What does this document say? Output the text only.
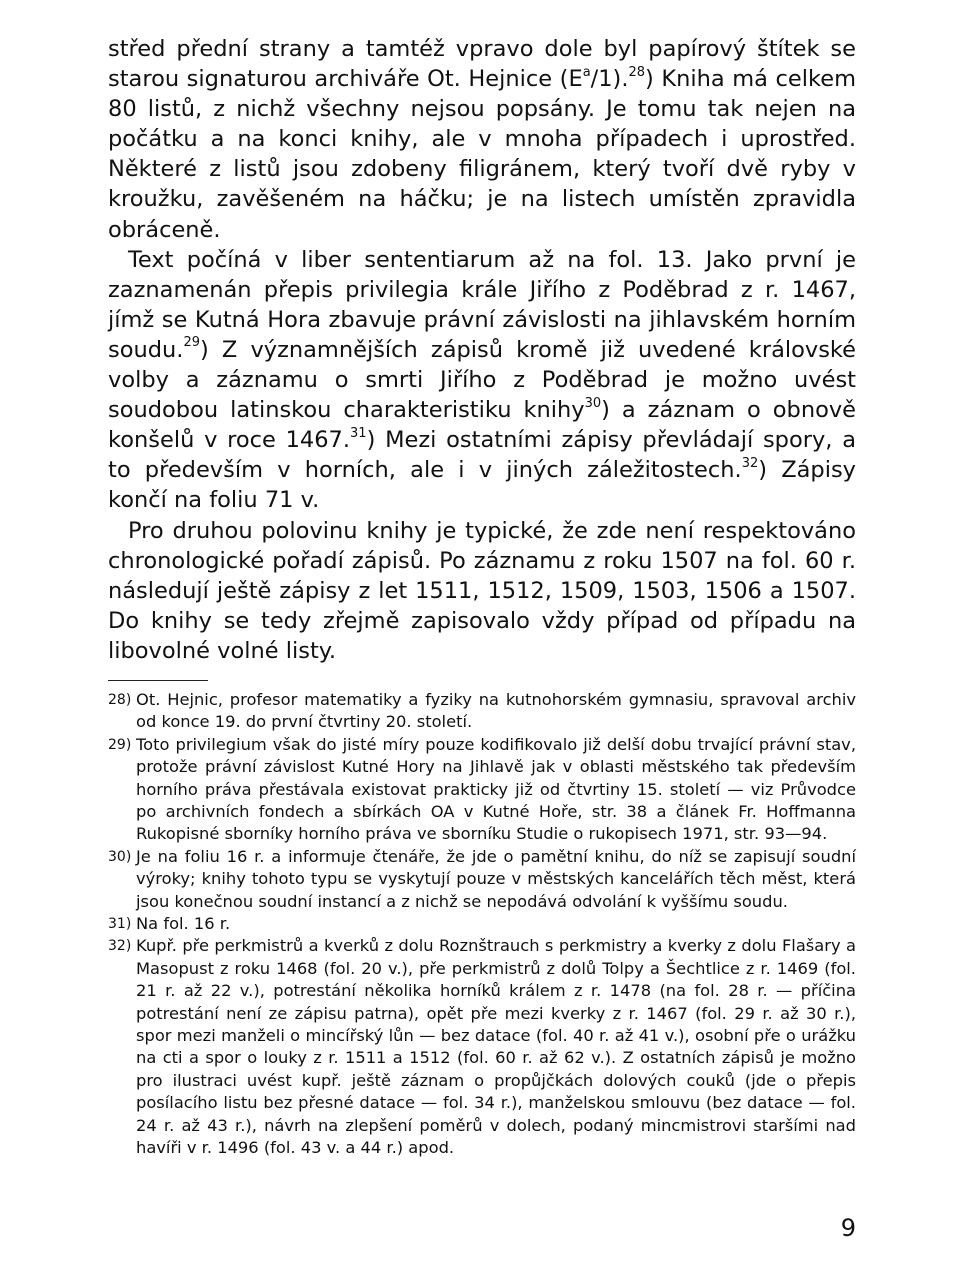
střed přední strany a tamtéž vpravo dole byl papírový štítek se starou signaturou archiváře Ot. Hejnice $(E^a/1).^{28}$) Kniha má celkem 80 listů, z nichž všechny nejsou popsány. Je tomu tak nejen na počátku a na konci knihy, ale v mnoha případech i uprostřed. Některé z listů jsou zdobeny filigránem, který tvoří dvě ryby v kroužku, zavěšeném na háčku; je na listech umístěn zpravidla obráceně.

Text počíná v liber sententiarum až na fol. 13. Jako první je zaznamenán přepis privilegia krále Jiřího z Poděbrad z r. 1467, jímž se Kutná Hora zbavuje právní závislosti na jihlavském horním soudu.$^{29}$) Z významnějších zápisů kromě již uvedené královské volby a záznamu o smrti Jiřího z Poděbrad je možno uvést soudobou latinskou charakteristiku knihy$^{30}$) a záznam o obnově konšelů v roce 1467.31) Mezi ostatními zápisy převládají spory, a to především v horních, ale i v jiných záležitostech.$^{32}$) Zápisy končí na foliu 71 v.

Pro druhou polovinu knihy je typické, že zde není respektováno chronologické pořadí zápisů. Po záznamu z roku 1507 na fol. 60 r. následují ještě zápisy z let 1511, 1512, 1509, 1503, 1506 a 1507. Do knihy se tedy zřejmě zapisovalo vždy případ od případu na libovolné volné listy.

28) Ot. Hejnic, profesor matematiky a fyziky na kutnohorském gymnasiu, spravoval archiv od konce 19. do první čtvrtiny 20. století.
29) Toto privilegium však do jisté míry pouze kodifikovalo již delší dobu trvající právní stav, protože právní závislost Kutné Hory na Jihlavě jak v oblasti městského tak především horního práva přestávala existovat prakticky již od čtvrtiny 15. století — viz Průvodce po archivních fondech a sbírkách OA v Kutné Hoře, str. 38 a článek Fr. Hoffmanna Rukopisné sborníky horního práva ve sborníku Studie o rukopisech 1971, str. 93—94.
30) Je na foliu 16 r. a informuje čtenáře, že jde o pamětní knihu, do níž se zapisují soudní výroky; knihy tohoto typu se vyskytují pouze v městských kancelářích těch měst, která jsou konečnou soudní instancí a z nichž se nepodává odvolání k vyššímu soudu.
31) Na fol. 16 r.
32) Kupř. pře perkmistrů a kverků z dolu Roznštrauch s perkmistry a kverky z dolu Flašary a Masopust z roku 1468 (fol. 20 v.), pře perkmistrů z dolů Tolpy a Šechtlice z r. 1469 (fol. 21 r. až 22 v.), potrestání několika horníků králem z r. 1478 (na fol. 28 r. — příčina potrestání není ze zápisu patrna), opět pře mezi kverky z r. 1467 (fol. 29 r. až 30 r.), spor mezi manželi o mincířský lůn — bez datace (fol. 40 r. až 41 v.), osobní pře o urážku na cti a spor o louky z r. 1511 a 1512 (fol. 60 r. až 62 v.). Z ostatních zápisů je možno pro ilustraci uvést kupř. ještě záznam o propůjčkách dolových couků (jde o přepis posílacího listu bez přesné datace — fol. 34 r.), manželskou smlouvu (bez datace — fol. 24 r. až 43 r.), návrh na zlepšení poměrů v dolech, podaný mincmistrovi staršími nad havíři v r. 1496 (fol. 43 v. a 44 r.) apod.
9
